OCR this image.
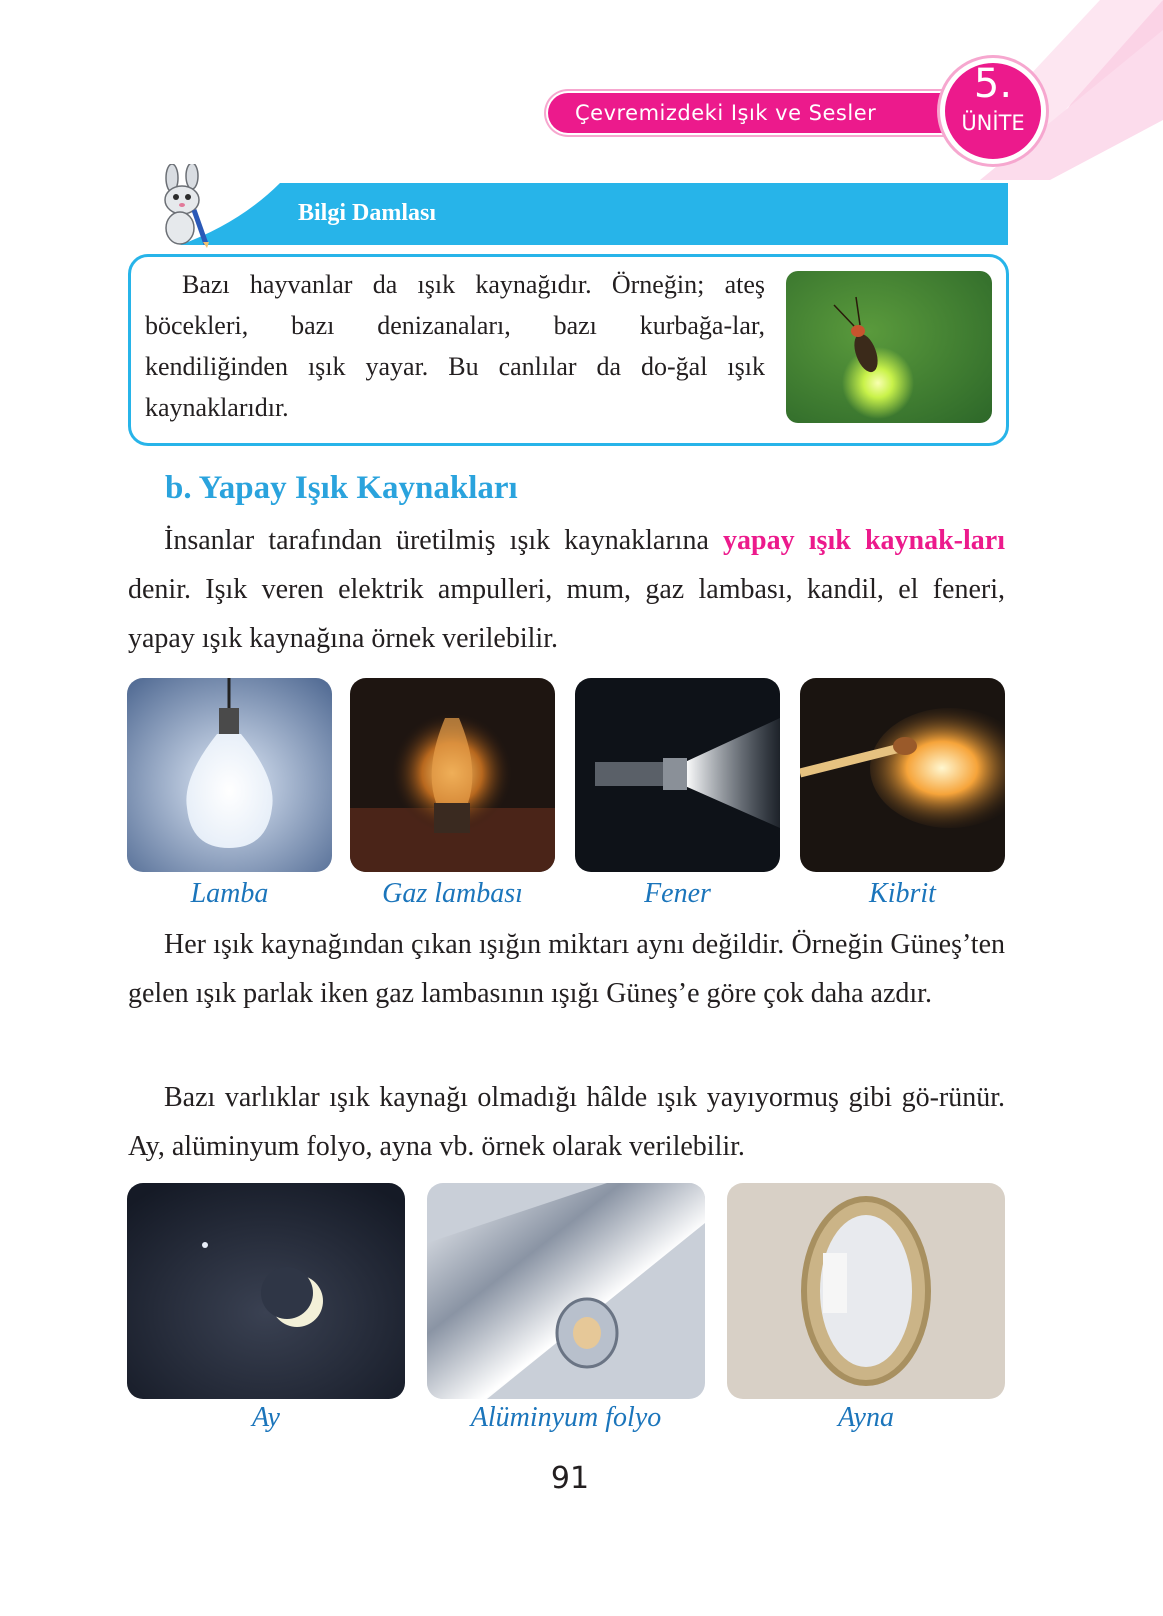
Çevremizdeki Işık ve Sesler
5.
ÜNİTE
Bilgi Damlası

Bazı hayvanlar da ışık kaynağıdır. Örneğin; ateş böcekleri, bazı denizanaları, bazı kurbağa-lar, kendiliğinden ışık yayar. Bu canlılar da do-ğal ışık kaynaklarıdır.

b. Yapay Işık Kaynakları

İnsanlar tarafından üretilmiş ışık kaynaklarına yapay ışık kaynak-ları denir. Işık veren elektrik ampulleri, mum, gaz lambası, kandil, el feneri, yapay ışık kaynağına örnek verilebilir.

Lamba	Gaz lambası	Fener	Kibrit

Her ışık kaynağından çıkan ışığın miktarı aynı değildir. Örneğin Güneş’ten gelen ışık parlak iken gaz lambasının ışığı Güneş’e göre çok daha azdır.

Bazı varlıklar ışık kaynağı olmadığı hâlde ışık yayıyormuş gibi gö-rünür. Ay, alüminyum folyo, ayna vb. örnek olarak verilebilir.

Ay	Alüminyum folyo	Ayna
91
